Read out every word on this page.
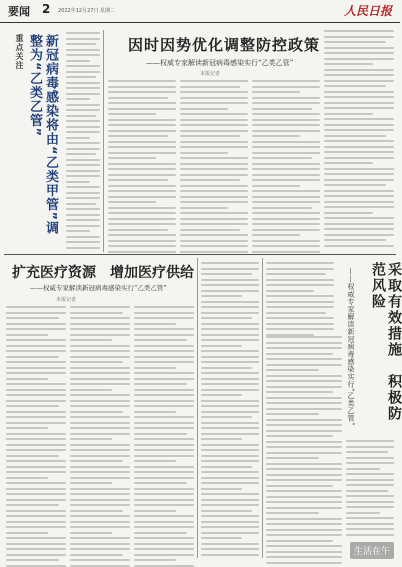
要闻 2 2022年12月27日 星期二	人民日报
重点关注	新冠病毒感染将由“乙类甲管”调整为“乙类乙管”	因时因势优化调整防控政策
——权威专家解读新冠病毒感染实行“乙类乙管”
本报记者
扩充医疗资源　增加医疗供给
——权威专家解读新冠病毒感染实行“乙类乙管”
本报记者	采取有效措施　积极防范风险
——权威专家解读新冠病毒感染实行“乙类乙管”
生活在午
